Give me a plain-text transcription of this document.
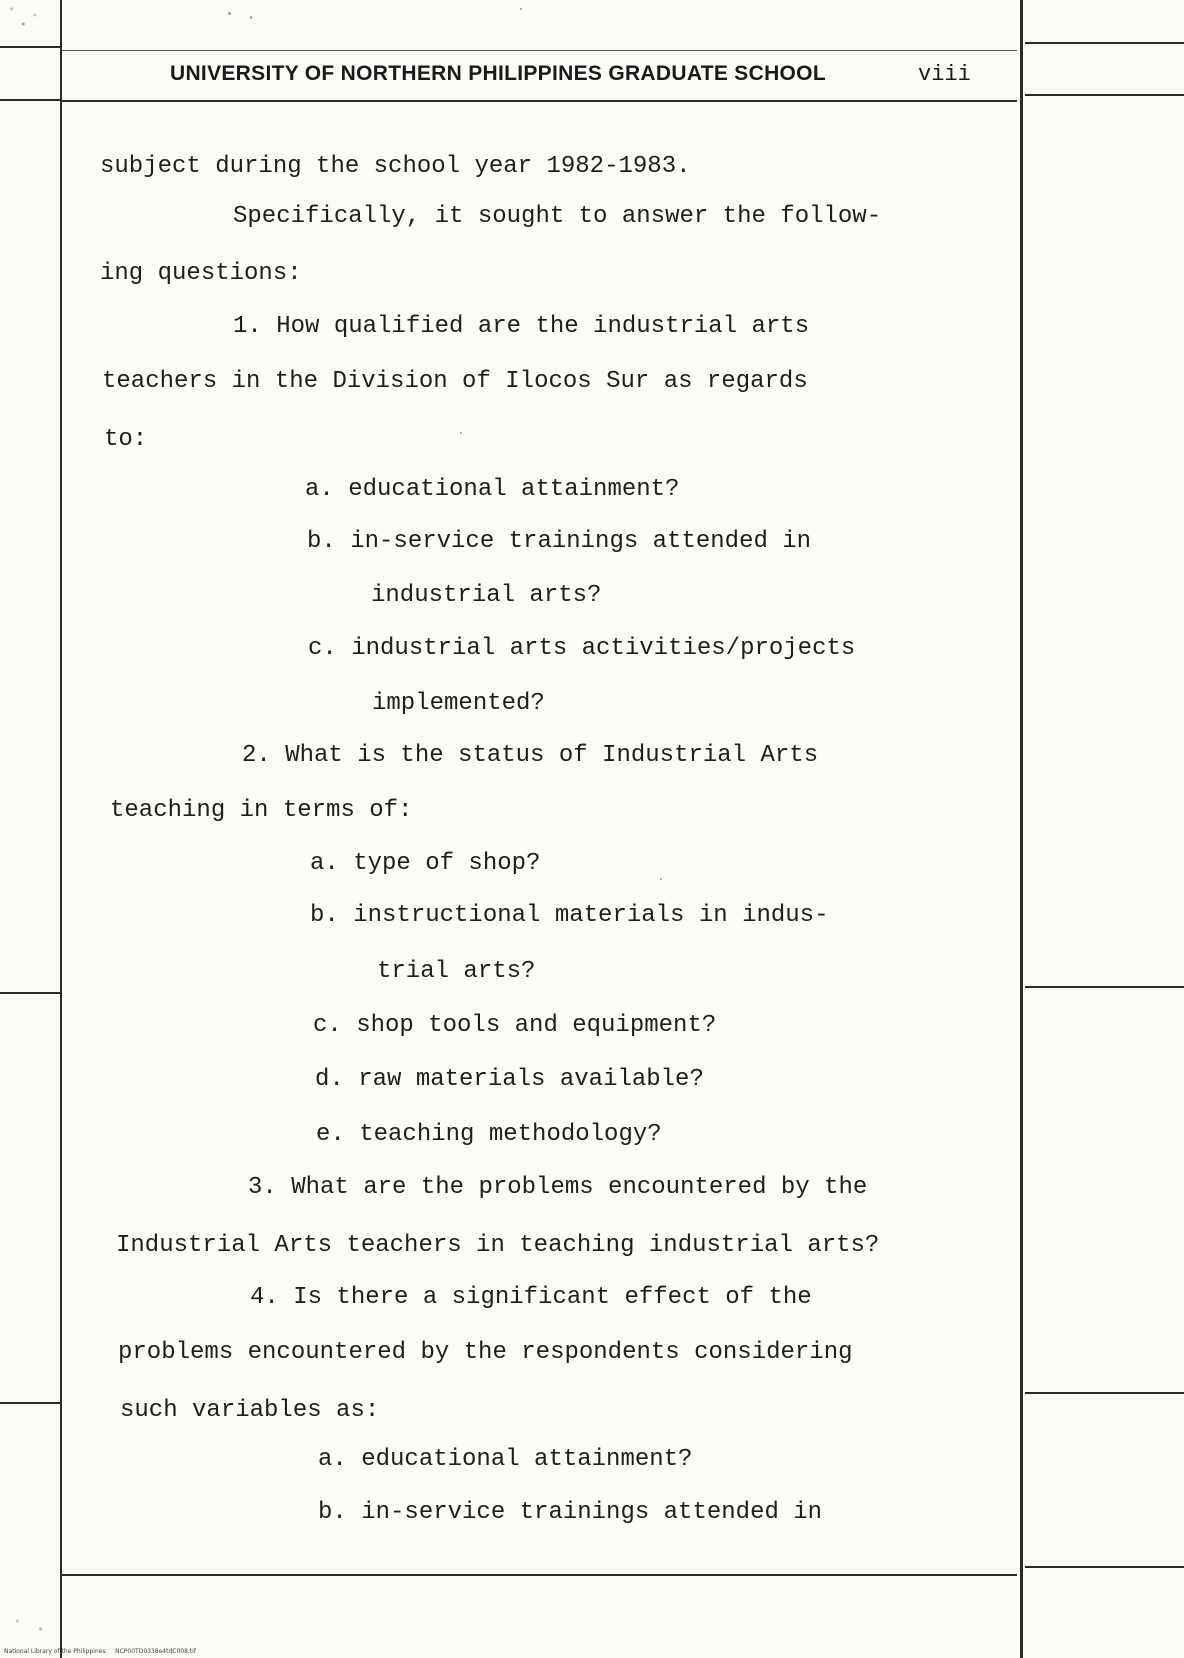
UNIVERSITY OF NORTHERN PHILIPPINES GRADUATE SCHOOL	viii
subject during the school year 1982-1983.
Specifically, it sought to answer the follow-
ing questions:
1. How qualified are the industrial arts
teachers in the Division of Ilocos Sur as regards
to:
a. educational attainment?
b. in-service trainings attended in
industrial arts?
c. industrial arts activities/projects
implemented?
2. What is the status of Industrial Arts
teaching in terms of:
a. type of shop?
b. instructional materials in indus-
trial arts?
c. shop tools and equipment?
d. raw materials available?
e. teaching methodology?
3. What are the problems encountered by the
Industrial Arts teachers in teaching industrial arts?
4. Is there a significant effect of the
problems encountered by the respondents considering
such variables as:
a. educational attainment?
b. in-service trainings attended in
National Library of the Philippines NCP00TD0338e4tdC008.tif
